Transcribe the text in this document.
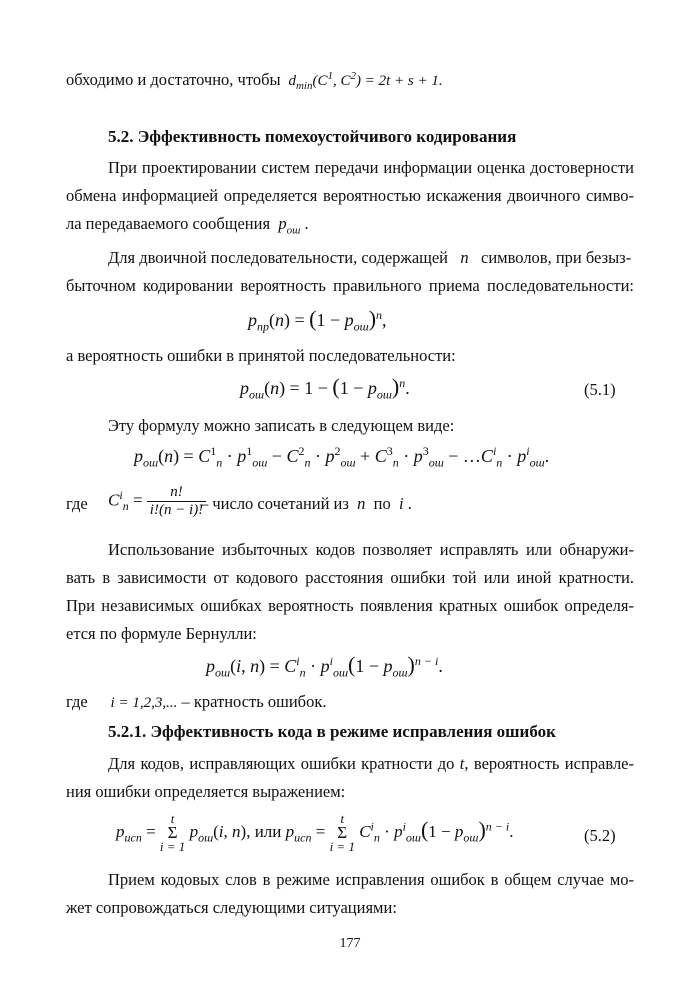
обходимо и достаточно, чтобы  $d_{min}(C^1$, $C^2) = 2t + s + 1$.
5.2. Эффективность помехоустойчивого кодирования
При проектировании систем передачи информации оценка достоверности
обмена информацией определяется вероятностью искажения двоичного симво-
ла передаваемого сообщения  $p_{ош}$ .
Для двоичной последовательности, содержащей   n   символов, при безыз-
быточном кодировании вероятность правильного приема последовательности:
$p_{пр}(n) = (1 - p_{ош})^n$,
а вероятность ошибки в принятой последовательности:
$p_{ош}(n) = 1 - (1 - p_{ош})^n$.	(5.1)
Эту формулу можно записать в следующем виде:
$p_{ош}(n) = C^1_n \cdot p^1_{ош} - C^2_n \cdot p^2_{ош} + C^3_n \cdot p^3_{ош}$ − $\dots C^i_n \cdot p^i_{ош}$.
где	$C^i_n = \frac{n!}{i!(n - i)!}$
– число сочетаний из  n  по  i .
Использование избыточных кодов позволяет исправлять или обнаружи-
вать в зависимости от кодового расстояния ошибки той или иной кратности.
При независимых ошибках вероятность появления кратных ошибок определя-
ется по формуле Бернулли:
$p_{ош}(i$, $n) = C^i_n \cdot p^i_{ош}(1 - p_{ош})^{n - i}$.
где      i = 1,2,3,... – кратность ошибок.
5.2.1. Эффективность кода в режиме исправления ошибок
Для кодов, исправляющих ошибки кратности до t, вероятность исправле-
ния ошибки определяется выражением:
$p_{исп}$ =
t
Σ
i = 1
$p_{ош}(i$, n), или $p_{исп}$ =
t
Σ
i = 1
$C^i_n \cdot p^i_{ош}(1 - p_{ош})^{n - i}$.	(5.2)
Прием кодовых слов в режиме исправления ошибок в общем случае мо-
жет сопровождаться следующими ситуациями:
177
